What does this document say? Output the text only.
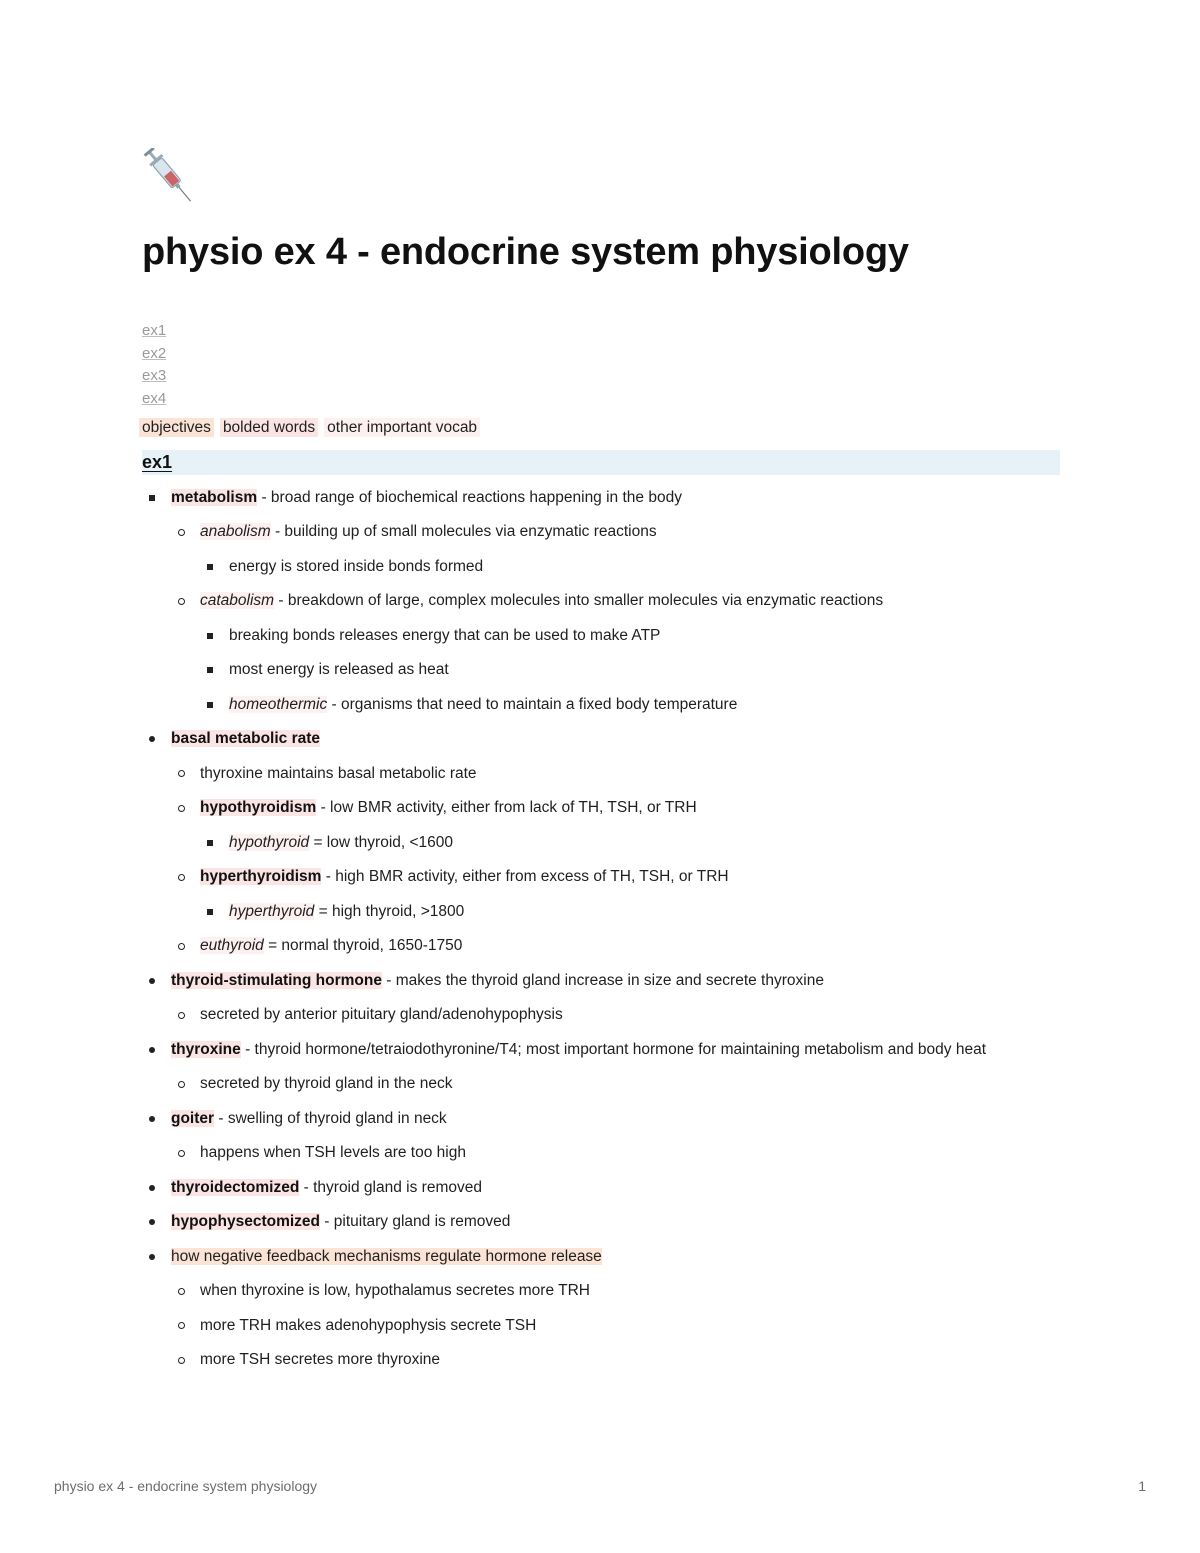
physio ex 4 - endocrine system physiology
ex1
ex2
ex3
ex4
objectives bolded words other important vocab
ex1
metabolism - broad range of biochemical reactions happening in the body
anabolism - building up of small molecules via enzymatic reactions
energy is stored inside bonds formed
catabolism - breakdown of large, complex molecules into smaller molecules via enzymatic reactions
breaking bonds releases energy that can be used to make ATP
most energy is released as heat
homeothermic - organisms that need to maintain a fixed body temperature
basal metabolic rate
thyroxine maintains basal metabolic rate
hypothyroidism - low BMR activity, either from lack of TH, TSH, or TRH
hypothyroid = low thyroid, <1600
hyperthyroidism - high BMR activity, either from excess of TH, TSH, or TRH
hyperthyroid = high thyroid, >1800
euthyroid = normal thyroid, 1650-1750
thyroid-stimulating hormone - makes the thyroid gland increase in size and secrete thyroxine
secreted by anterior pituitary gland/adenohypophysis
thyroxine - thyroid hormone/tetraiodothyronine/T4; most important hormone for maintaining metabolism and body heat
secreted by thyroid gland in the neck
goiter - swelling of thyroid gland in neck
happens when TSH levels are too high
thyroidectomized - thyroid gland is removed
hypophysectomized - pituitary gland is removed
how negative feedback mechanisms regulate hormone release
when thyroxine is low, hypothalamus secretes more TRH
more TRH makes adenohypophysis secrete TSH
more TSH secretes more thyroxine
physio ex 4 - endocrine system physiology	1
